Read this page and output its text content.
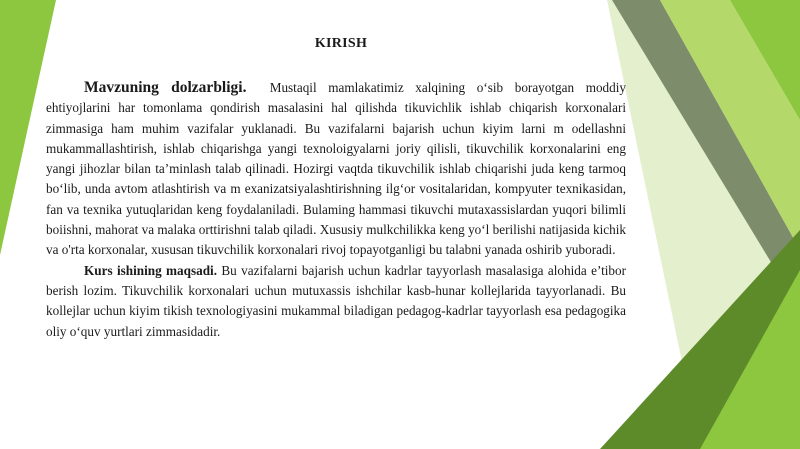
KIRISH

Mavzuning dolzarbligi. Mustaqil mamlakatimiz xalqining o‘sib borayotgan moddiy ehtiyojlarini har tomonlama qondirish masalasini hal qilishda tikuvichlik ishlab chiqarish korxonalari zimmasiga ham muhim vazifalar yuklanadi. Bu vazifalarni bajarish uchun kiyim larni m odellashni mukammallashtirish, ishlab chiqarishga yangi texnoloigyalarni joriy qilisli, tikuvchilik korxonalarini eng yangi jihozlar bilan ta’minlash talab qilinadi. Hozirgi vaqtda tikuvchilik ishlab chiqarishi juda keng tarmoq bo‘lib, unda avtom atlashtirish va m exanizatsiyalashtirishning ilg‘or vositalaridan, kompyuter texnikasidan, fan va texnika yutuqlaridan keng foydalaniladi. Bulaming hammasi tikuvchi mutaxassislardan yuqori bilimli boiishni, mahorat va malaka orttirishni talab qiladi. Xususiy mulkchilikka keng yo‘l berilishi natijasida kichik va o'rta korxonalar, xususan tikuvchilik korxonalari rivoj topayotganligi bu talabni yanada oshirib yuboradi.

Kurs ishining maqsadi. Bu vazifalarni bajarish uchun kadrlar tayyorlash masalasiga alohida e’tibor berish lozim. Tikuvchilik korxonalari uchun mutuxassis ishchilar kasb-hunar kollejlarida tayyorlanadi. Bu kollejlar uchun kiyim tikish texnologiyasini mukammal biladigan pedagog-kadrlar tayyorlash esa pedagogika oliy o‘quv yurtlari zimmasidadir.
